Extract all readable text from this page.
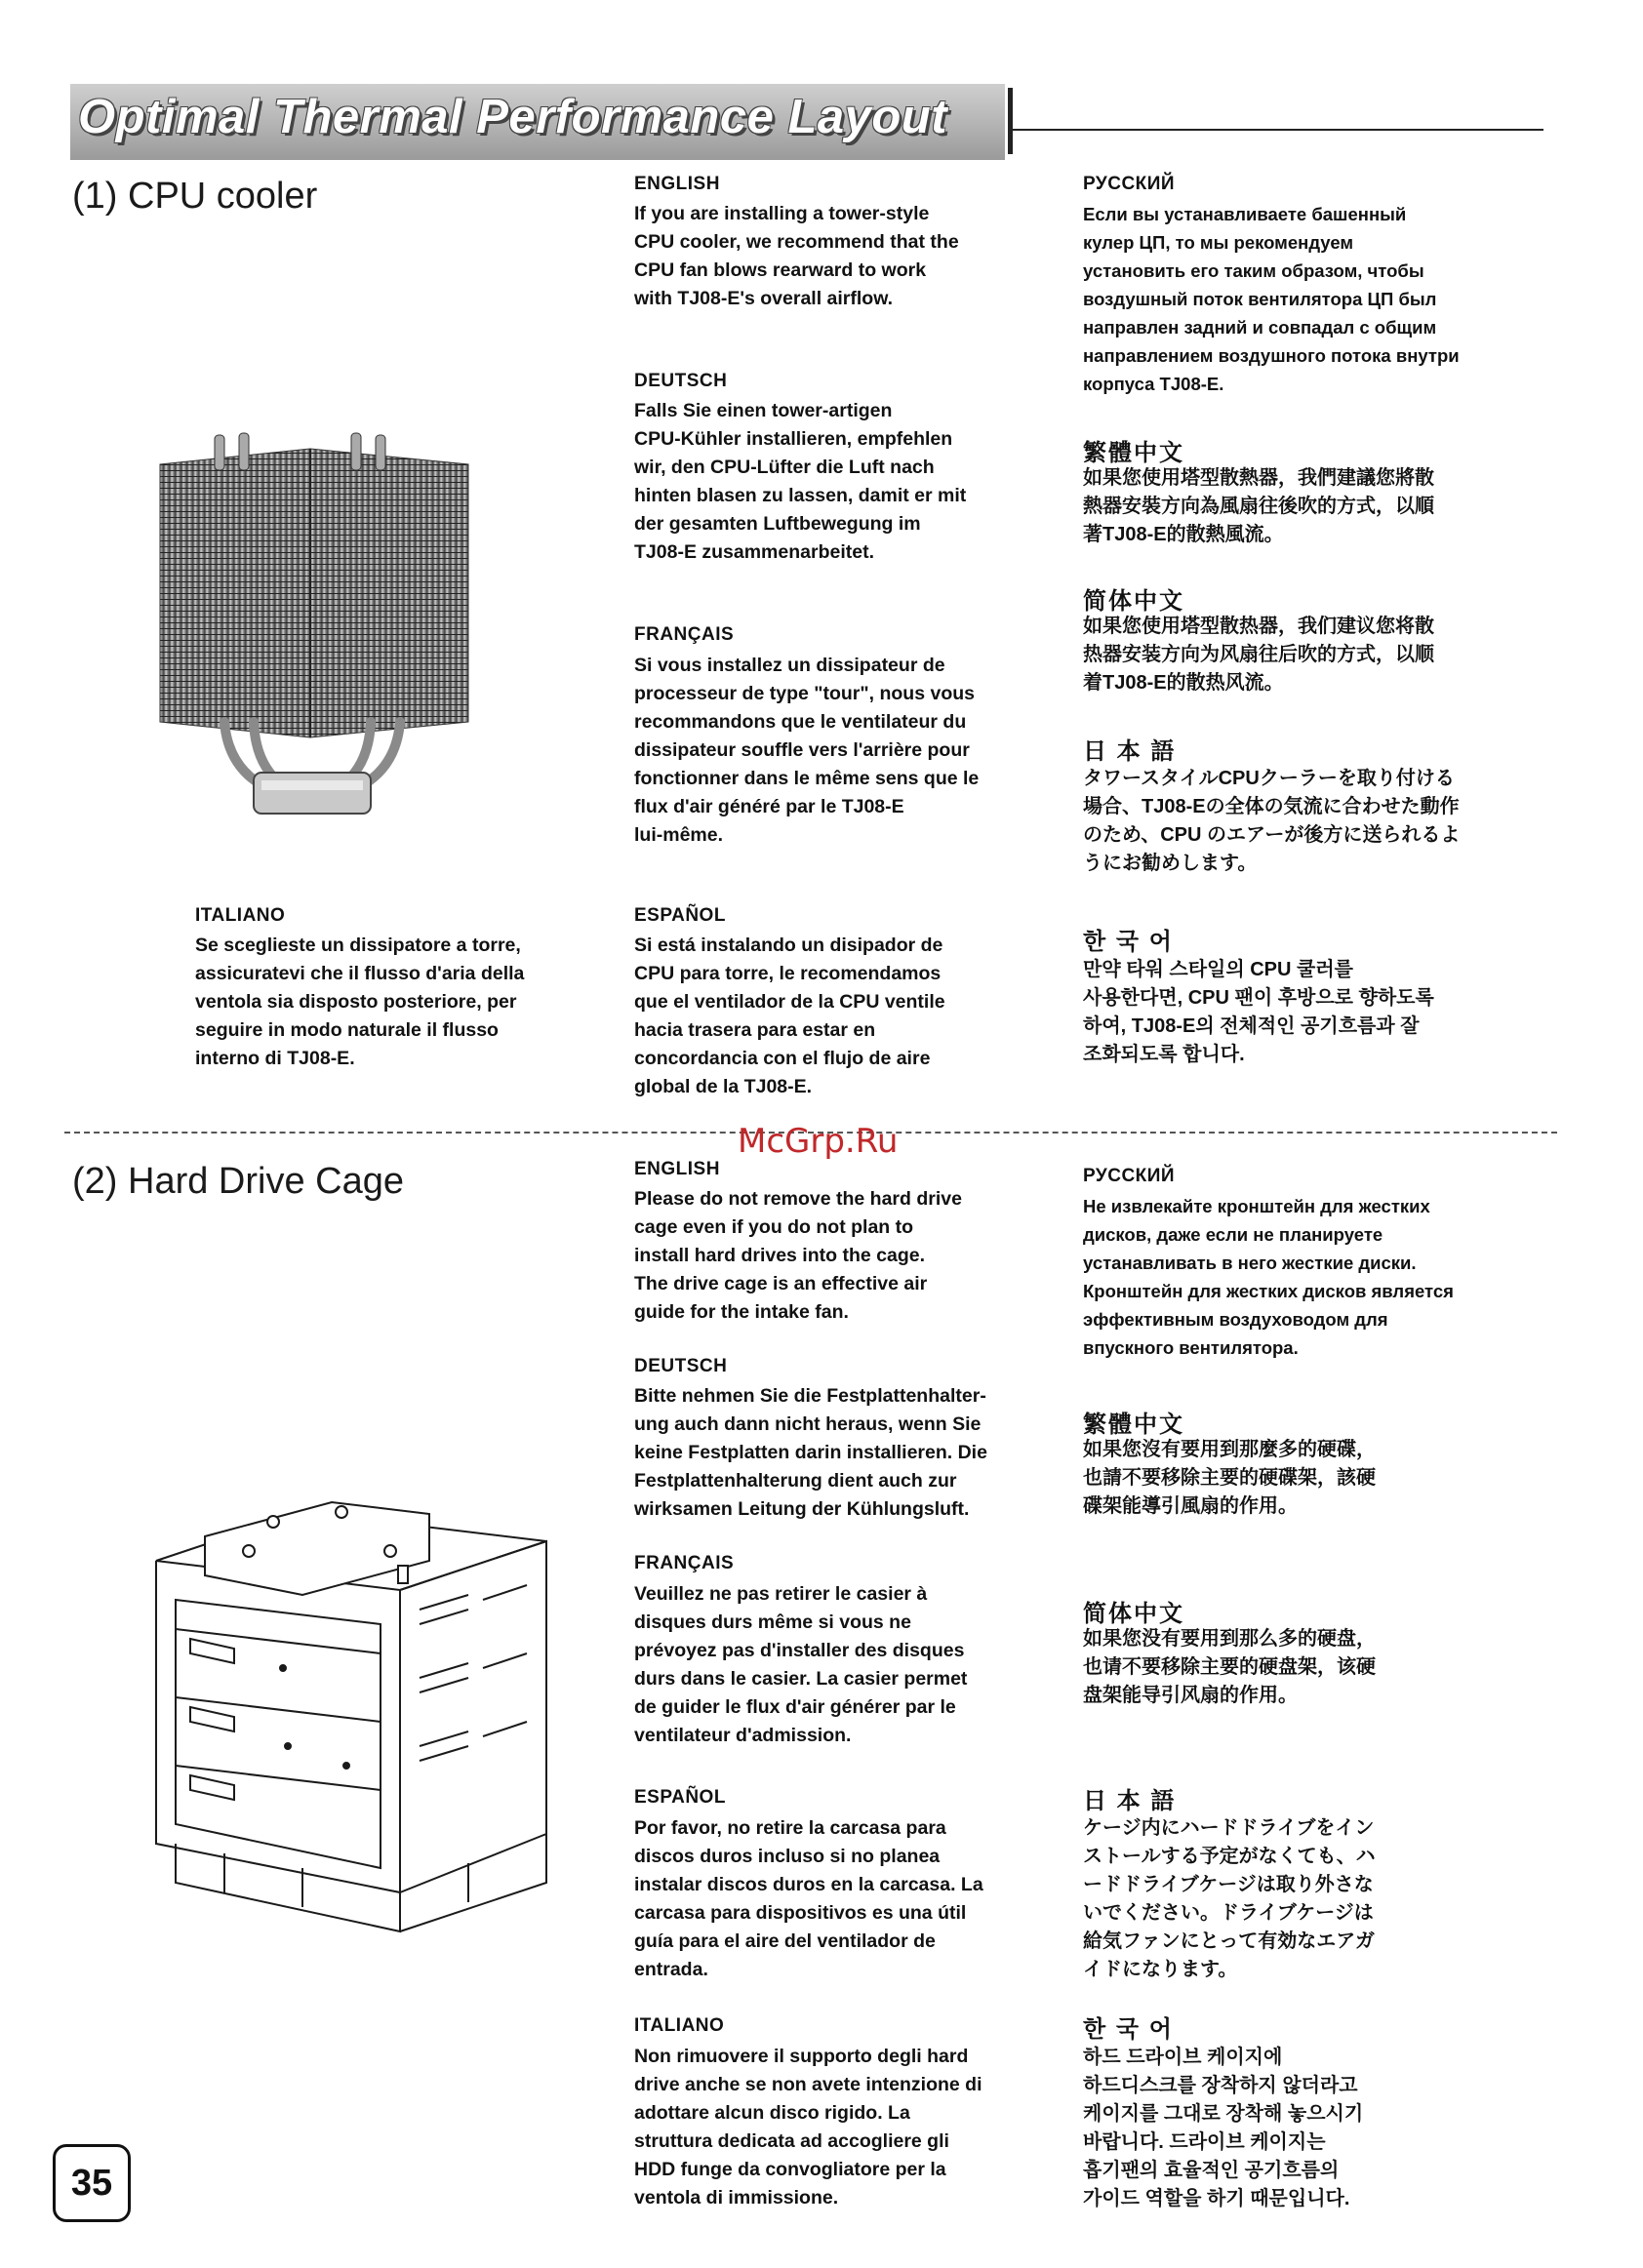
Optimal Thermal Performance Layout
(1) CPU cooler
ITALIANO
Se sceglieste un dissipatore a torre,
assicuratevi che il flusso d'aria della
ventola sia disposto posteriore, per
seguire in modo naturale il flusso
interno di TJ08-E.
ENGLISH
If you are installing a tower-style
CPU cooler, we recommend that the
CPU fan blows rearward to work
with TJ08-E's overall airflow.
DEUTSCH
Falls Sie einen tower-artigen
CPU-Kühler installieren, empfehlen
wir, den CPU-Lüfter die Luft nach
hinten blasen zu lassen, damit er mit
der gesamten Luftbewegung im
TJ08-E zusammenarbeitet.
FRANÇAIS
Si vous installez un dissipateur de
processeur de type "tour", nous vous
recommandons que le ventilateur du
dissipateur souffle vers l'arrière pour
fonctionner dans le même sens que le
flux d'air généré par le TJ08-E
lui-même.
ESPAÑOL
Si está instalando un disipador de
CPU para torre, le recomendamos
que el ventilador de la CPU ventile
hacia trasera para estar en
concordancia con el flujo de aire
global de la TJ08-E.
РУССКИЙ
Если вы устанавливаете башенный
кулер ЦП, то мы рекомендуем
установить его таким образом, чтобы
воздушный поток вентилятора ЦП был
направлен задний и совпадал с общим
направлением воздушного потока внутри
корпуса TJ08-E.
繁體中文
如果您使用塔型散熱器，我們建議您將散
熱器安裝方向為風扇往後吹的方式，以順
著TJ08-E的散熱風流。
简体中文
如果您使用塔型散热器，我们建议您将散
热器安装方向为风扇往后吹的方式，以顺
着TJ08-E的散热风流。
日 本 語
タワースタイルCPUクーラーを取り付ける
場合、TJ08-Eの全体の気流に合わせた動作
のため、CPU のエアーが後方に送られるよ
うにお勧めします。
한 국 어
만약 타워 스타일의 CPU 쿨러를
사용한다면, CPU 팬이 후방으로 향하도록
하여, TJ08-E의 전체적인 공기흐름과 잘
조화되도록 합니다.
McGrp.Ru
(2) Hard Drive Cage	ENGLISH
Please do not remove the hard drive
cage even if you do not plan to
install hard drives into the cage.
The drive cage is an effective air
guide for the intake fan.
DEUTSCH
Bitte nehmen Sie die Festplattenhalter-
ung auch dann nicht heraus, wenn Sie
keine Festplatten darin installieren. Die
Festplattenhalterung dient auch zur
wirksamen Leitung der Kühlungsluft.
FRANÇAIS
Veuillez ne pas retirer le casier à
disques durs même si vous ne
prévoyez pas d'installer des disques
durs dans le casier. La casier permet
de guider le flux d'air générer par le
ventilateur d'admission.
ESPAÑOL
Por favor, no retire la carcasa para
discos duros incluso si no planea
instalar discos duros en la carcasa. La
carcasa para dispositivos es una útil
guía para el aire del ventilador de
entrada.
ITALIANO
Non rimuovere il supporto degli hard
drive anche se non avete intenzione di
adottare alcun disco rigido. La
struttura dedicata ad accogliere gli
HDD funge da convogliatore per la
ventola di immissione.
РУССКИЙ
Не извлекайте кронштейн для жестких
дисков, даже если не планируете
устанавливать в него жесткие диски.
Кронштейн для жестких дисков является
эффективным воздуховодом для
впускного вентилятора.
繁體中文
如果您沒有要用到那麼多的硬碟，
也請不要移除主要的硬碟架，該硬
碟架能導引風扇的作用。
简体中文
如果您没有要用到那么多的硬盘，
也请不要移除主要的硬盘架，该硬
盘架能导引风扇的作用。
日 本 語
ケージ内にハードドライブをイン
ストールする予定がなくても、ハ
ードドライブケージは取り外さな
いでください。ドライブケージは
給気ファンにとって有効なエアガ
イドになります。
한 국 어
하드 드라이브 케이지에
하드디스크를 장착하지 않더라고
케이지를 그대로 장착해 놓으시기
바랍니다. 드라이브 케이지는
흡기팬의 효율적인 공기흐름의
가이드 역할을 하기 때문입니다.
35
